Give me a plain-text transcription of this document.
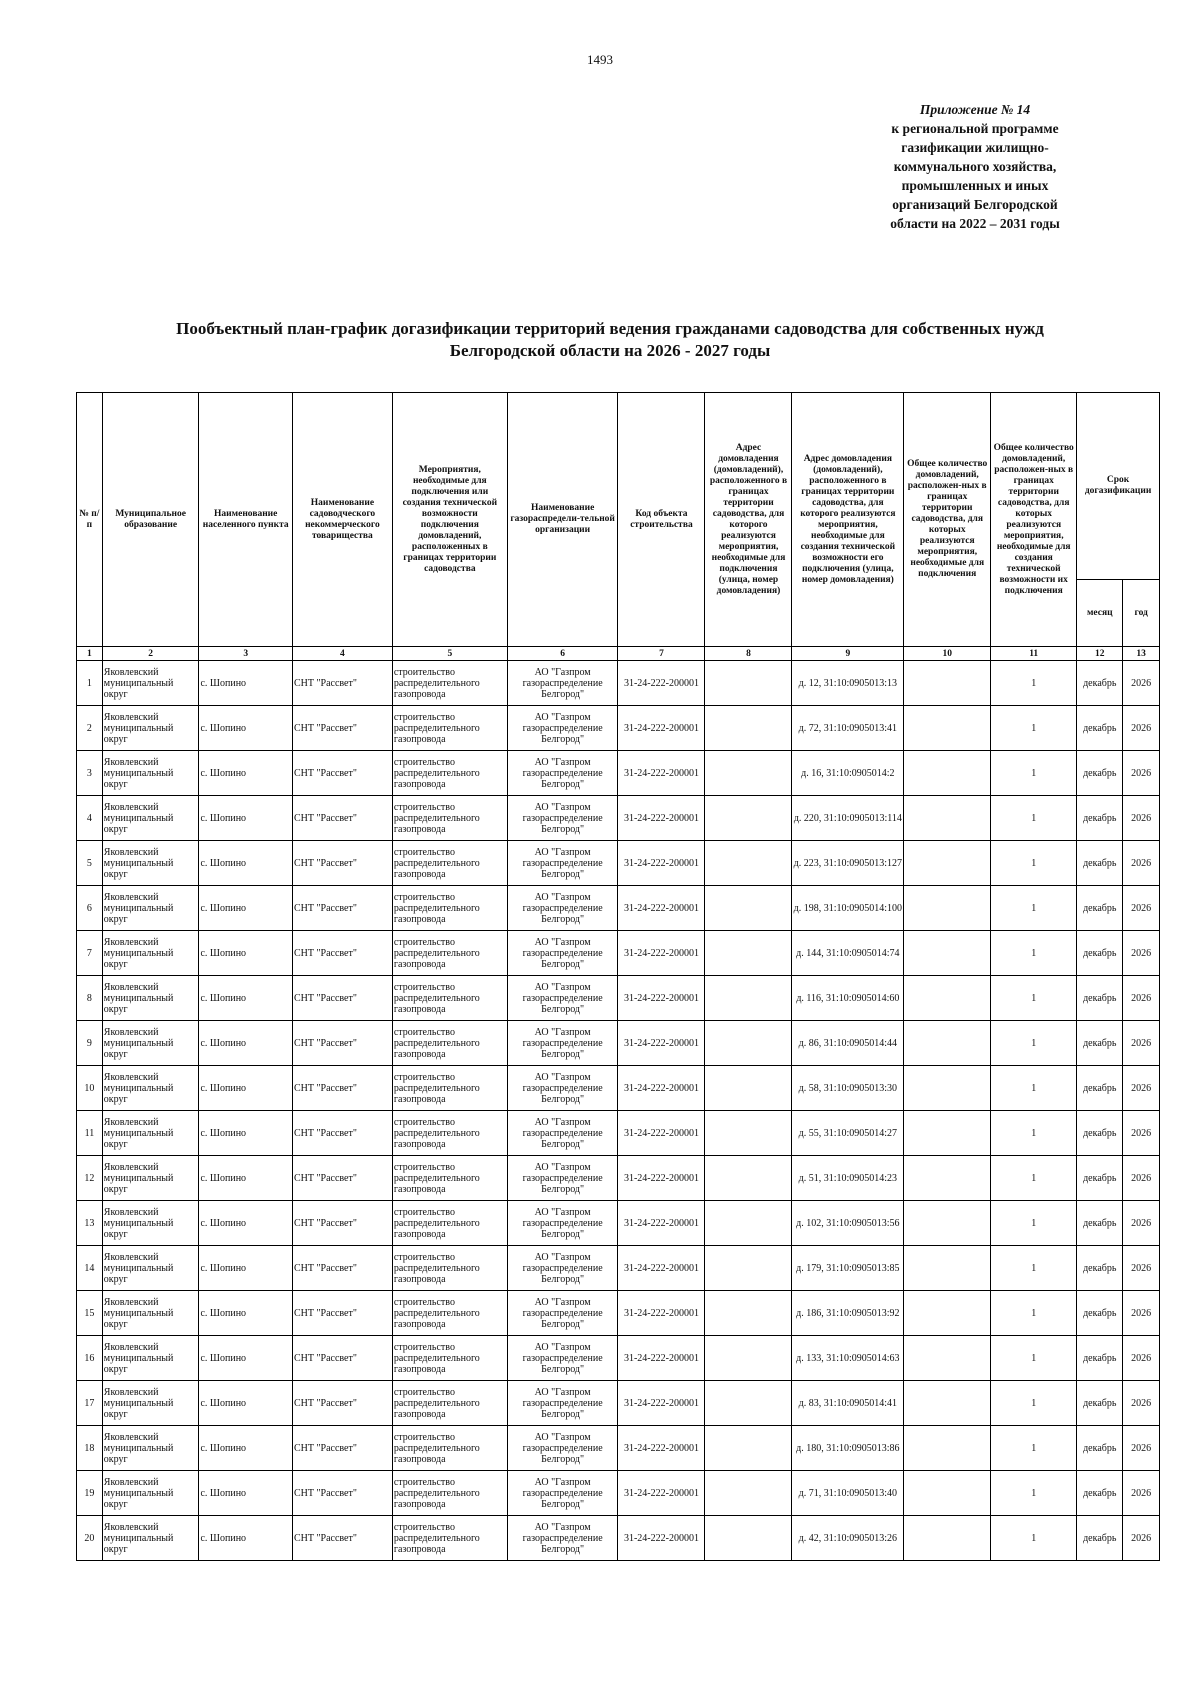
1493
Приложение № 14
к региональной программе
газификации жилищно-
коммунального хозяйства,
промышленных и иных
организаций Белгородской
области на 2022 – 2031 годы
Пообъектный план-график догазификации территорий ведения гражданами садоводства для собственных нужд
Белгородской области на 2026 - 2027 годы
№ п/п	Муниципальное образование	Наименование населенного пункта	Наименование садоводческого некоммерческого товарищества	Мероприятия, необходимые для подключения или создания технической возможности подключения домовладений, расположенных в границах территории садоводства	Наименование газораспредели-тельной организации	Код объекта строительства	Адрес домовладения (домовладений), расположенного в границах территории садоводства, для которого реализуются мероприятия, необходимые для подключения (улица, номер домовладения)	Адрес домовладения (домовладений), расположенного в границах территории садоводства, для которого реализуются мероприятия, необходимые для создания технической возможности его подключения (улица, номер домовладения)	Общее количество домовладений, расположен-ных в границах территории садоводства, для которых реализуются мероприятия, необходимые для подключения	Общее количество домовладений, расположен-ных в границах территории садоводства, для которых реализуются мероприятия, необходимые для создания технической возможности их подключения	Срок догазификации	
											месяц	год
1	2	3	4	5	6	7	8	9	10	11	12	13
1	Яковлевский муниципальный округ	с. Шопино	СНТ "Рассвет"	строительство распределительного газопровода	АО "Газпром газораспределение Белгород"	31-24-222-200001		д. 12, 31:10:0905013:13		1	декабрь	2026
2	Яковлевский муниципальный округ	с. Шопино	СНТ "Рассвет"	строительство распределительного газопровода	АО "Газпром газораспределение Белгород"	31-24-222-200001		д. 72, 31:10:0905013:41		1	декабрь	2026
3	Яковлевский муниципальный округ	с. Шопино	СНТ "Рассвет"	строительство распределительного газопровода	АО "Газпром газораспределение Белгород"	31-24-222-200001		д. 16, 31:10:0905014:2		1	декабрь	2026
4	Яковлевский муниципальный округ	с. Шопино	СНТ "Рассвет"	строительство распределительного газопровода	АО "Газпром газораспределение Белгород"	31-24-222-200001		д. 220, 31:10:0905013:114		1	декабрь	2026
5	Яковлевский муниципальный округ	с. Шопино	СНТ "Рассвет"	строительство распределительного газопровода	АО "Газпром газораспределение Белгород"	31-24-222-200001		д. 223, 31:10:0905013:127		1	декабрь	2026
6	Яковлевский муниципальный округ	с. Шопино	СНТ "Рассвет"	строительство распределительного газопровода	АО "Газпром газораспределение Белгород"	31-24-222-200001		д. 198, 31:10:0905014:100		1	декабрь	2026
7	Яковлевский муниципальный округ	с. Шопино	СНТ "Рассвет"	строительство распределительного газопровода	АО "Газпром газораспределение Белгород"	31-24-222-200001		д. 144, 31:10:0905014:74		1	декабрь	2026
8	Яковлевский муниципальный округ	с. Шопино	СНТ "Рассвет"	строительство распределительного газопровода	АО "Газпром газораспределение Белгород"	31-24-222-200001		д. 116, 31:10:0905014:60		1	декабрь	2026
9	Яковлевский муниципальный округ	с. Шопино	СНТ "Рассвет"	строительство распределительного газопровода	АО "Газпром газораспределение Белгород"	31-24-222-200001		д. 86, 31:10:0905014:44		1	декабрь	2026
10	Яковлевский муниципальный округ	с. Шопино	СНТ "Рассвет"	строительство распределительного газопровода	АО "Газпром газораспределение Белгород"	31-24-222-200001		д. 58, 31:10:0905013:30		1	декабрь	2026
11	Яковлевский муниципальный округ	с. Шопино	СНТ "Рассвет"	строительство распределительного газопровода	АО "Газпром газораспределение Белгород"	31-24-222-200001		д. 55, 31:10:0905014:27		1	декабрь	2026
12	Яковлевский муниципальный округ	с. Шопино	СНТ "Рассвет"	строительство распределительного газопровода	АО "Газпром газораспределение Белгород"	31-24-222-200001		д. 51, 31:10:0905014:23		1	декабрь	2026
13	Яковлевский муниципальный округ	с. Шопино	СНТ "Рассвет"	строительство распределительного газопровода	АО "Газпром газораспределение Белгород"	31-24-222-200001		д. 102, 31:10:0905013:56		1	декабрь	2026
14	Яковлевский муниципальный округ	с. Шопино	СНТ "Рассвет"	строительство распределительного газопровода	АО "Газпром газораспределение Белгород"	31-24-222-200001		д. 179, 31:10:0905013:85		1	декабрь	2026
15	Яковлевский муниципальный округ	с. Шопино	СНТ "Рассвет"	строительство распределительного газопровода	АО "Газпром газораспределение Белгород"	31-24-222-200001		д. 186, 31:10:0905013:92		1	декабрь	2026
16	Яковлевский муниципальный округ	с. Шопино	СНТ "Рассвет"	строительство распределительного газопровода	АО "Газпром газораспределение Белгород"	31-24-222-200001		д. 133, 31:10:0905014:63		1	декабрь	2026
17	Яковлевский муниципальный округ	с. Шопино	СНТ "Рассвет"	строительство распределительного газопровода	АО "Газпром газораспределение Белгород"	31-24-222-200001		д. 83, 31:10:0905014:41		1	декабрь	2026
18	Яковлевский муниципальный округ	с. Шопино	СНТ "Рассвет"	строительство распределительного газопровода	АО "Газпром газораспределение Белгород"	31-24-222-200001		д. 180, 31:10:0905013:86		1	декабрь	2026
19	Яковлевский муниципальный округ	с. Шопино	СНТ "Рассвет"	строительство распределительного газопровода	АО "Газпром газораспределение Белгород"	31-24-222-200001		д. 71, 31:10:0905013:40		1	декабрь	2026
20	Яковлевский муниципальный округ	с. Шопино	СНТ "Рассвет"	строительство распределительного газопровода	АО "Газпром газораспределение Белгород"	31-24-222-200001		д. 42, 31:10:0905013:26		1	декабрь	2026
